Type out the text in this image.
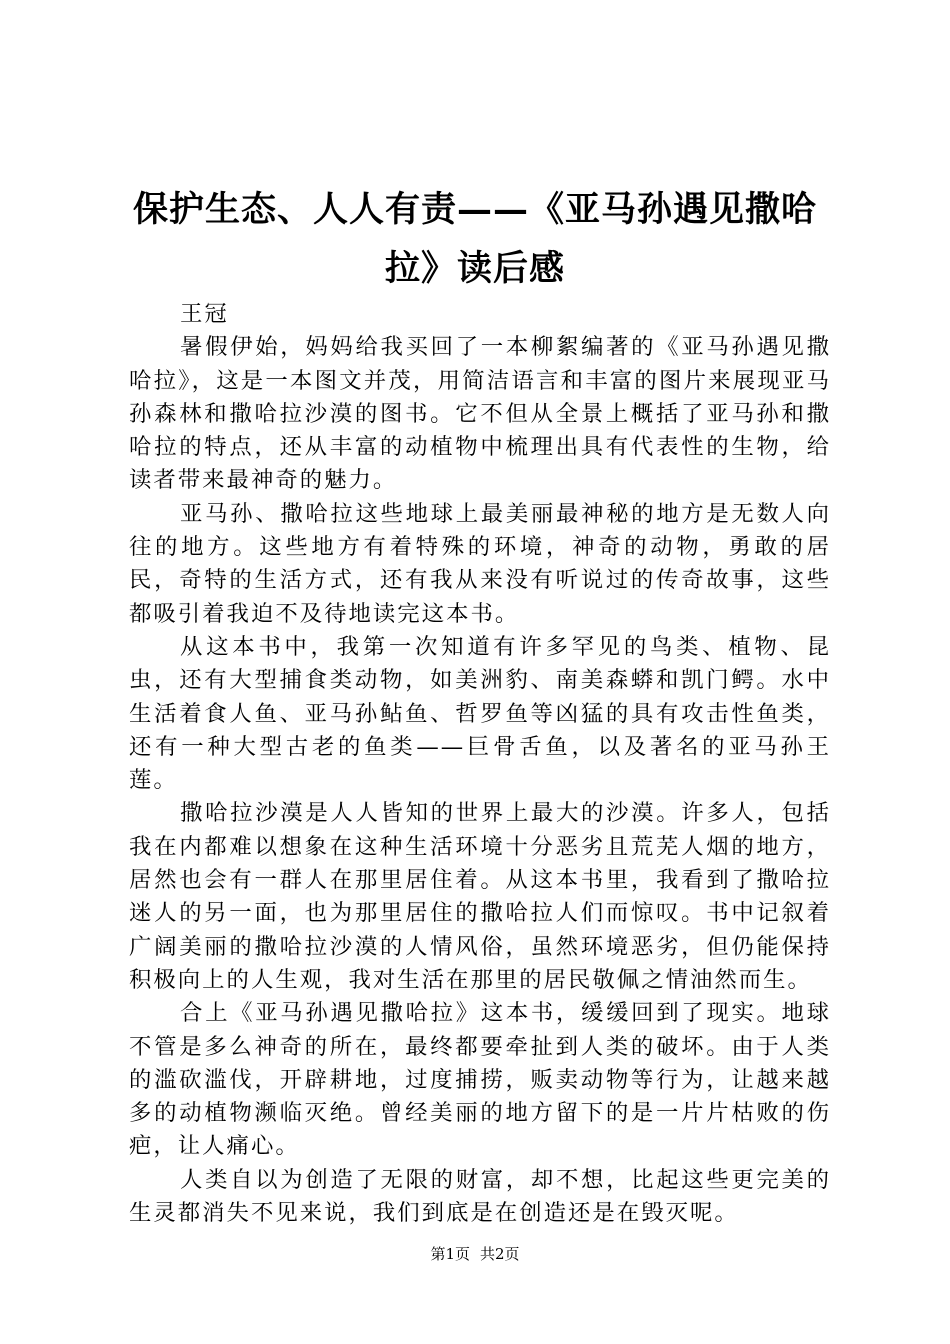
保护生态、人人有责——《亚马孙遇见撒哈拉》读后感

王冠

暑假伊始，妈妈给我买回了一本柳絮编著的《亚马孙遇见撒哈拉》，这是一本图文并茂，用简洁语言和丰富的图片来展现亚马孙森林和撒哈拉沙漠的图书。它不但从全景上概括了亚马孙和撒哈拉的特点，还从丰富的动植物中梳理出具有代表性的生物，给读者带来最神奇的魅力。

亚马孙、撒哈拉这些地球上最美丽最神秘的地方是无数人向往的地方。这些地方有着特殊的环境，神奇的动物，勇敢的居民，奇特的生活方式，还有我从来没有听说过的传奇故事，这些都吸引着我迫不及待地读完这本书。

从这本书中，我第一次知道有许多罕见的鸟类、植物、昆虫，还有大型捕食类动物，如美洲豹、南美森蟒和凯门鳄。水中生活着食人鱼、亚马孙鲇鱼、哲罗鱼等凶猛的具有攻击性鱼类，还有一种大型古老的鱼类——巨骨舌鱼，以及著名的亚马孙王莲。

撒哈拉沙漠是人人皆知的世界上最大的沙漠。许多人，包括我在内都难以想象在这种生活环境十分恶劣且荒芜人烟的地方，居然也会有一群人在那里居住着。从这本书里，我看到了撒哈拉迷人的另一面，也为那里居住的撒哈拉人们而惊叹。书中记叙着广阔美丽的撒哈拉沙漠的人情风俗，虽然环境恶劣，但仍能保持积极向上的人生观，我对生活在那里的居民敬佩之情油然而生。

合上《亚马孙遇见撒哈拉》这本书，缓缓回到了现实。地球不管是多么神奇的所在，最终都要牵扯到人类的破坏。由于人类的滥砍滥伐，开辟耕地，过度捕捞，贩卖动物等行为，让越来越多的动植物濒临灭绝。曾经美丽的地方留下的是一片片枯败的伤疤，让人痛心。

人类自以为创造了无限的财富，却不想，比起这些更完美的生灵都消失不见来说，我们到底是在创造还是在毁灭呢。

第1页 共2页
